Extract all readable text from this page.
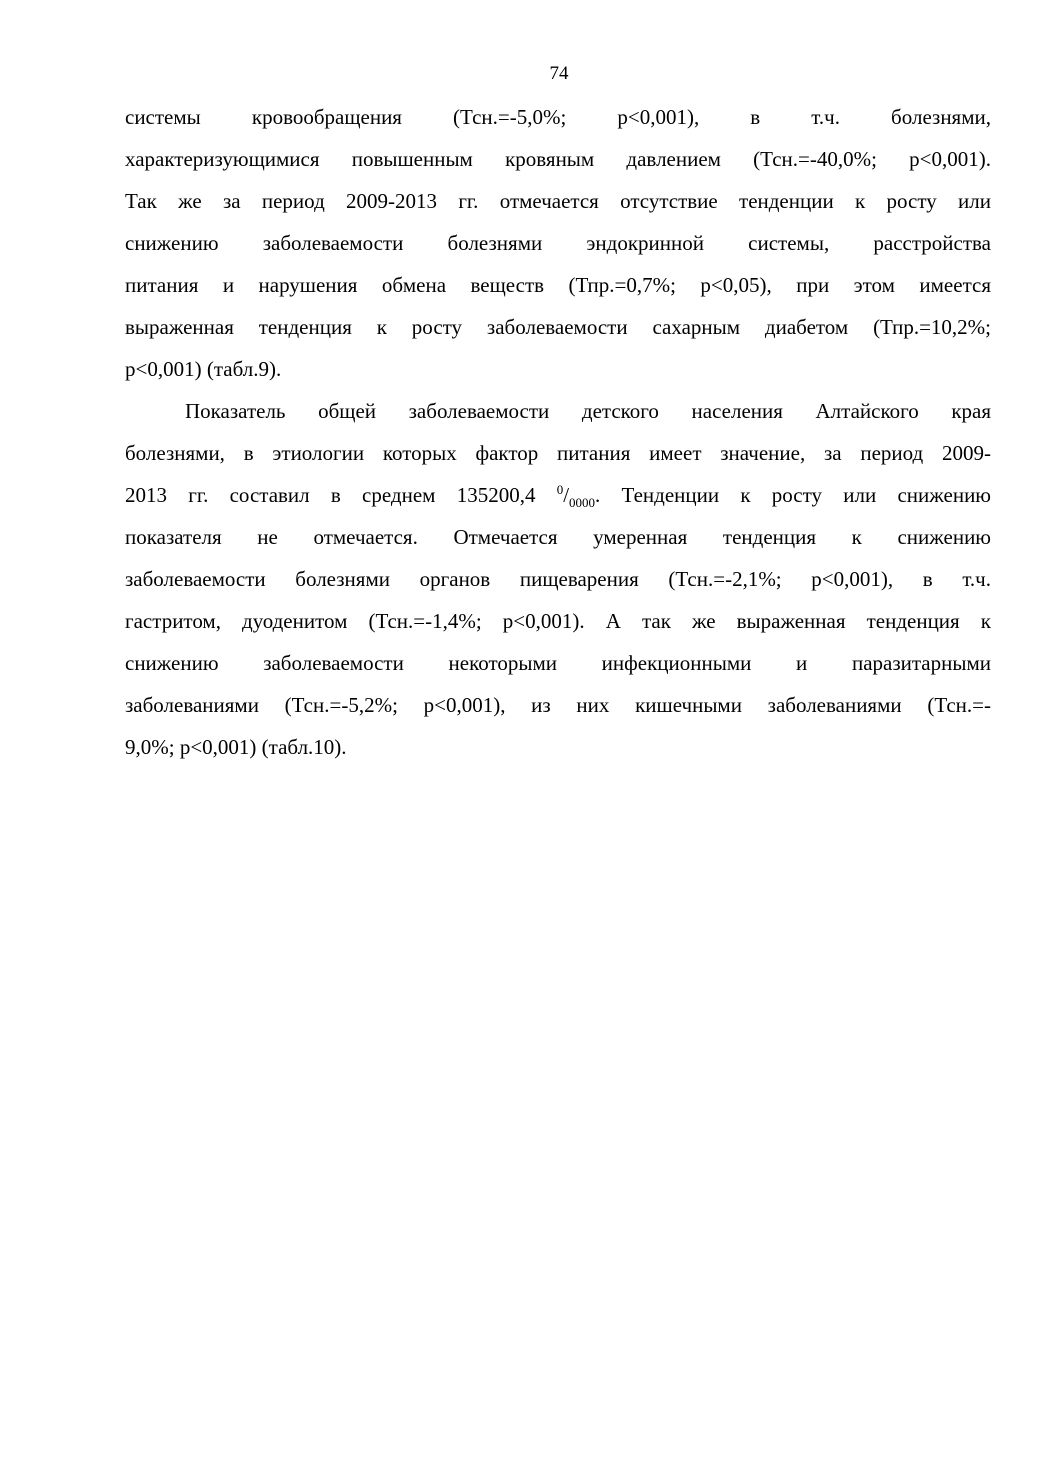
74

системы кровообращения (Тсн.=-5,0%; р<0,001), в т.ч. болезнями,
характеризующимися повышенным кровяным давлением (Тсн.=-40,0%; р<0,001).
Так же за период 2009-2013 гг. отмечается отсутствие тенденции к росту или
снижению заболеваемости болезнями эндокринной системы, расстройства
питания и нарушения обмена веществ (Тпр.=0,7%; р<0,05), при этом имеется
выраженная тенденция к росту заболеваемости сахарным диабетом (Тпр.=10,2%;
р<0,001) (табл.9).

Показатель общей заболеваемости детского населения Алтайского края
болезнями, в этиологии которых фактор питания имеет значение, за период 2009-
2013 гг. составил в среднем 135200,4 $^0/_{0000}$. Тенденции к росту или снижению
показателя не отмечается. Отмечается умеренная тенденция к снижению
заболеваемости болезнями органов пищеварения (Тсн.=-2,1%; р<0,001), в т.ч.
гастритом, дуоденитом (Тсн.=-1,4%; р<0,001). А так же выраженная тенденция к
снижению заболеваемости некоторыми инфекционными и паразитарными
заболеваниями (Тсн.=-5,2%; р<0,001), из них кишечными заболеваниями (Тсн.=-
9,0%; р<0,001) (табл.10).
